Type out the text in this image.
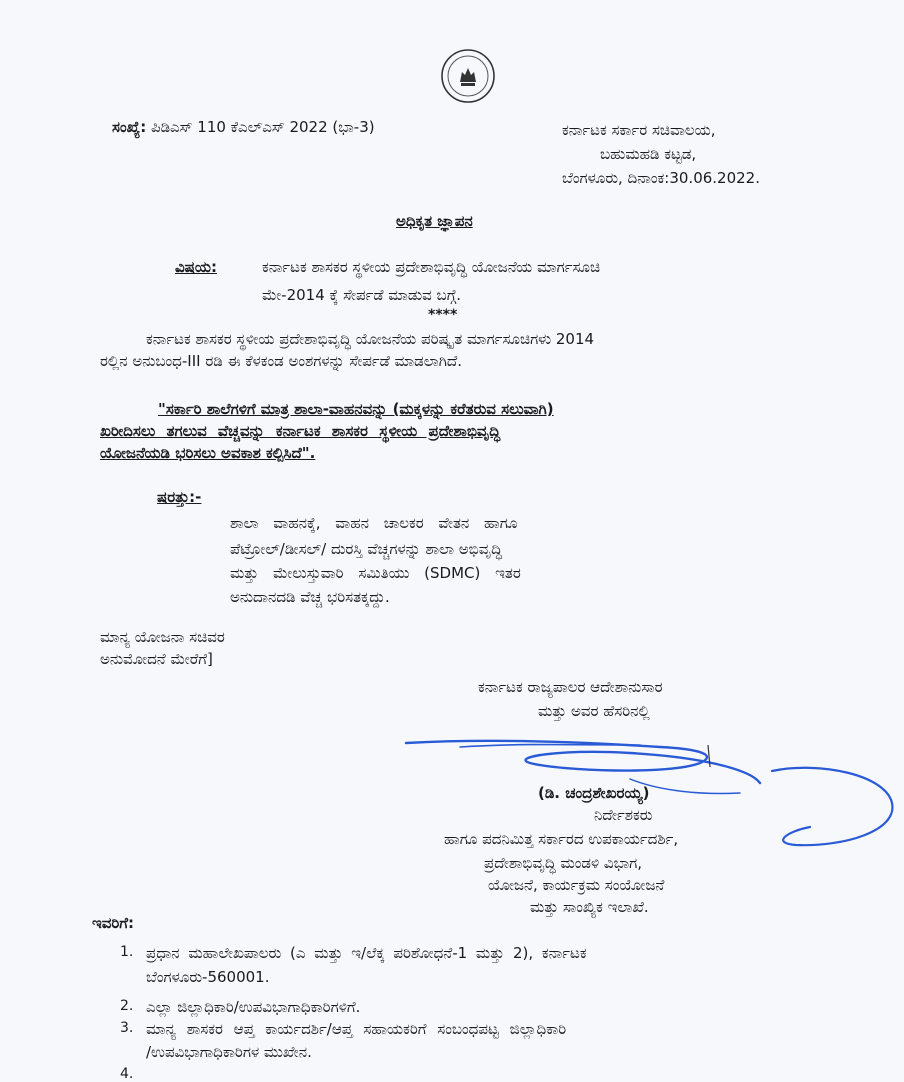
ಸಂಖ್ಯೆ: ಪಿಡಿಎಸ್ 110 ಕೆಎಲ್ಎಸ್ 2022 (ಭಾ-3)	ಕರ್ನಾಟಕ ಸರ್ಕಾರ ಸಚಿವಾಲಯ,
ಬಹುಮಹಡಿ ಕಟ್ಟಡ,
ಬೆಂಗಳೂರು, ದಿನಾಂಕ:30.06.2022.
ಅಧಿಕೃತ ಜ್ಞಾಪನ
ವಿಷಯ:	ಕರ್ನಾಟಕ ಶಾಸಕರ ಸ್ಥಳೀಯ ಪ್ರದೇಶಾಭಿವೃದ್ಧಿ ಯೋಜನೆಯ ಮಾರ್ಗಸೂಚಿ
ಮೇ-2014 ಕ್ಕೆ ಸೇರ್ಪಡೆ ಮಾಡುವ ಬಗ್ಗೆ.
****
ಕರ್ನಾಟಕ ಶಾಸಕರ ಸ್ಥಳೀಯ ಪ್ರದೇಶಾಭಿವೃದ್ಧಿ ಯೋಜನೆಯ ಪರಿಷ್ಕೃತ ಮಾರ್ಗಸೂಚಿಗಳು 2014
ರಲ್ಲಿನ ಅನುಬಂಧ-III ರಡಿ ಈ ಕೆಳಕಂಡ ಅಂಶಗಳನ್ನು ಸೇರ್ಪಡೆ ಮಾಡಲಾಗಿದೆ.
"ಸರ್ಕಾರಿ ಶಾಲೆಗಳಿಗೆ ಮಾತ್ರ ಶಾಲಾ-ವಾಹನವನ್ನು (ಮಕ್ಕಳನ್ನು ಕರೆತರುವ ಸಲುವಾಗಿ)
ಖರೀದಿಸಲು ತಗಲುವ ವೆಚ್ಚವನ್ನು ಕರ್ನಾಟಕ ಶಾಸಕರ ಸ್ಥಳೀಯ ಪ್ರದೇಶಾಭಿವೃದ್ಧಿ
ಯೋಜನೆಯಡಿ ಭರಿಸಲು ಅವಕಾಶ ಕಲ್ಪಿಸಿದೆ".
ಷರತ್ತು:-
ಶಾಲಾ ವಾಹನಕ್ಕೆ, ವಾಹನ ಚಾಲಕರ ವೇತನ ಹಾಗೂ
ಪೆಟ್ರೋಲ್/ಡೀಸಲ್/ ದುರಸ್ತಿ ವೆಚ್ಚಗಳನ್ನು ಶಾಲಾ ಅಭಿವೃದ್ಧಿ
ಮತ್ತು ಮೇಲುಸ್ತುವಾರಿ ಸಮಿತಿಯು (SDMC) ಇತರ
ಅನುದಾನದಡಿ ವೆಚ್ಚ ಭರಿಸತಕ್ಕದ್ದು.
ಮಾನ್ಯ ಯೋಜನಾ ಸಚಿವರ
ಅನುಮೋದನೆ ಮೇರೆಗೆ]
ಕರ್ನಾಟಕ ರಾಜ್ಯಪಾಲರ ಆದೇಶಾನುಸಾರ
ಮತ್ತು ಅವರ ಹೆಸರಿನಲ್ಲಿ
(ಡಿ. ಚಂದ್ರಶೇಖರಯ್ಯ)
ನಿರ್ದೇಶಕರು
ಹಾಗೂ ಪದನಿಮಿತ್ತ ಸರ್ಕಾರದ ಉಪಕಾರ್ಯದರ್ಶಿ,
ಪ್ರದೇಶಾಭಿವೃದ್ಧಿ ಮಂಡಳಿ ವಿಭಾಗ,
ಯೋಜನೆ, ಕಾರ್ಯಕ್ರಮ ಸಂಯೋಜನೆ
ಮತ್ತು ಸಾಂಖ್ಯಿಕ ಇಲಾಖೆ.
ಇವರಿಗೆ:
1. ಪ್ರಧಾನ ಮಹಾಲೇಖಪಾಲರು (ಎ ಮತ್ತು ಇ/ಲೆಕ್ಕ ಪರಿಶೋಧನೆ-1 ಮತ್ತು 2), ಕರ್ನಾಟಕ
ಬೆಂಗಳೂರು-560001.
2. ಎಲ್ಲಾ ಜಿಲ್ಲಾಧಿಕಾರಿ/ಉಪವಿಭಾಗಾಧಿಕಾರಿಗಳಿಗೆ.
3. ಮಾನ್ಯ ಶಾಸಕರ ಆಪ್ತ ಕಾರ್ಯದರ್ಶಿ/ಆಪ್ತ ಸಹಾಯಕರಿಗೆ ಸಂಬಂಧಪಟ್ಟ ಜಿಲ್ಲಾಧಿಕಾರಿ
/ಉಪವಿಭಾಗಾಧಿಕಾರಿಗಳ ಮುಖೇನ.
4.
